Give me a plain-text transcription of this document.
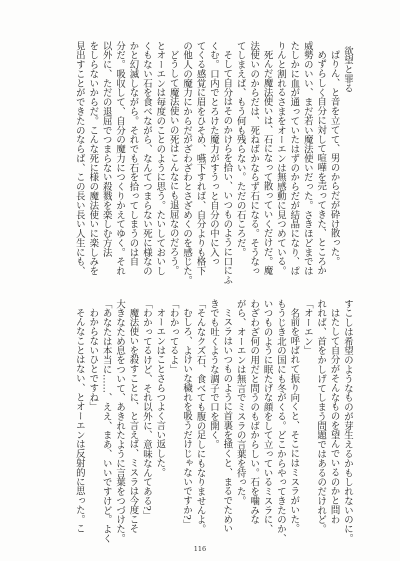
欲望と罪る
ぱりん、と音を立てて、男のからだが砕け散った。
めずらしく自分に対して喧嘩を売ってきた、ところか
威勢のいい、まだ若い魔法使いだった。さきほどまでは
たしかに血が通っていたはずのからだが結晶になり、ぱ
りんと割れるさまをオーエンは無感動に見つめている。
死んだ魔法使いは、石になって散っていくだけだ。魔
法使いのからだは、死ねばかならず石になる。そうなっ
てしまえば、もう何も残らない。ただの石ころだ。
そして自分はそのかけらを拾い、いつものように口にふ
くむ。口内でとろけた魔力がすうっと自分の中に入っ
てくる感覚に眉をひそめ、嚥下すれば、自分よりも格下
の他人の魔力にからだがざわざわとさざめくのを感じた。
どうして魔法使いの死はこんなにも退屈なのだろう。
とオーエンは毎度のことのように思う。たいしておいし
くもない石を食べながら、なんてつまらない死に様なの
かと幻滅しながら。それでも石を拾ってしまうのは自
分だ。吸収して、自分の魔力につくりかえてゆく。それ
以外に、ただの退屈でつまらない殺戮を楽しむ方法
をしらないからだ。こんな死に様の魔法使いに楽しみを
見出すことができたのならば、この長い長い人生にも、
すこしは希望のようなものが芽生えるかもしれないのに。
はたして自分がそんなものを望んでいるのかと問わ
れれば、首をかしげてしまう問題ではあるのだけれど。
「オーエン」
名前を呼ばれて振り向くと、そこにはミスラがいた。
もうじき北の国にも冬がくる。どこからやってきたのか、
いつものように眠たげな顔をして立っているミスラに、
わざわざ何の用だと問うのもばからしい。石を噛みな
がら、オーエンは無言でミスラの言葉を待った。
ミスラはいつものように首裏を掻くと、まるでためい
きでも吐くような調子で口を開く。
「そんなクズ石、食べても腹の足しにもなりませんよ。
むしろ、よけいな穢れを吸うだけじゃないですか?」
「わかってるよ」
オーエンはことさらつよく言い返した。
「わかってるけど、それ以外に、意味なんてある?」
魔法使いを殺すことに、と言えば、ミスラは今度こそ
大きなため息をついて、あきれたように言葉をつづけた。
「あなたは本当に……、ええ、まあ、いいですけど。よく
わからないひとですね」
そんなことはない、とオーエンは反射的に思った。こ
116
